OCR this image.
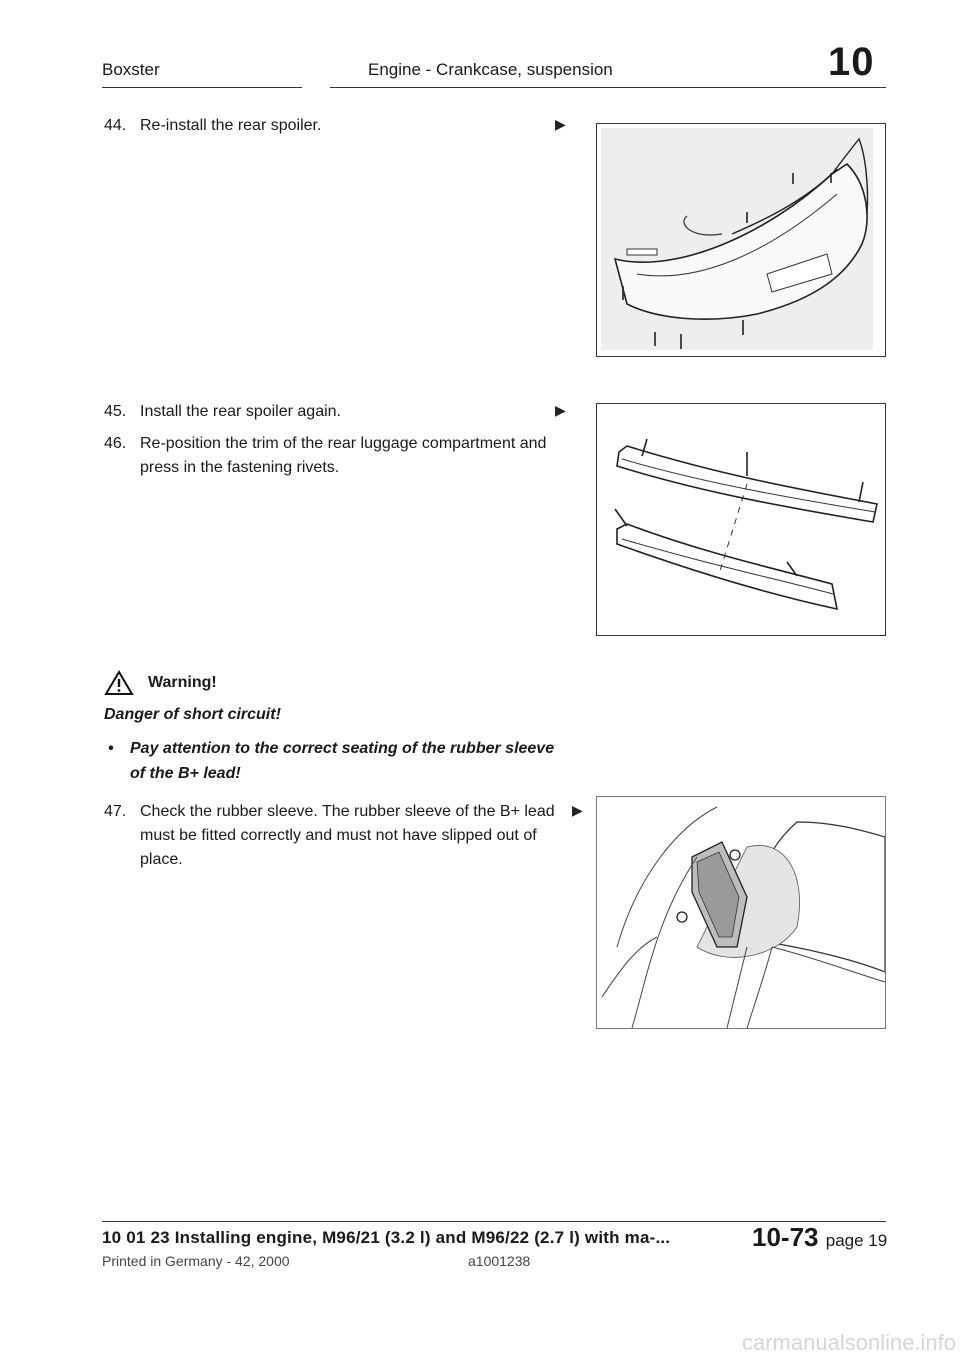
Boxster	Engine - Crankcase, suspension	10
44. Re-install the rear spoiler.	▶
45. Install the rear spoiler again.	▶
46. Re-position the trim of the rear luggage compartment and
press in the fastening rivets.
Warning!
Danger of short circuit!
• Pay attention to the correct seating of the rubber sleeve
of the B+ lead!
47. Check the rubber sleeve. The rubber sleeve of the B+ lead
must be fitted correctly and must not have slipped out of place.
▶
10 01 23 Installing engine, M96/21 (3.2 l) and M96/22 (2.7 l) with ma-...
Printed in Germany - 42, 2000	a1001238
10-73 page 19
carmanualsonline.info
